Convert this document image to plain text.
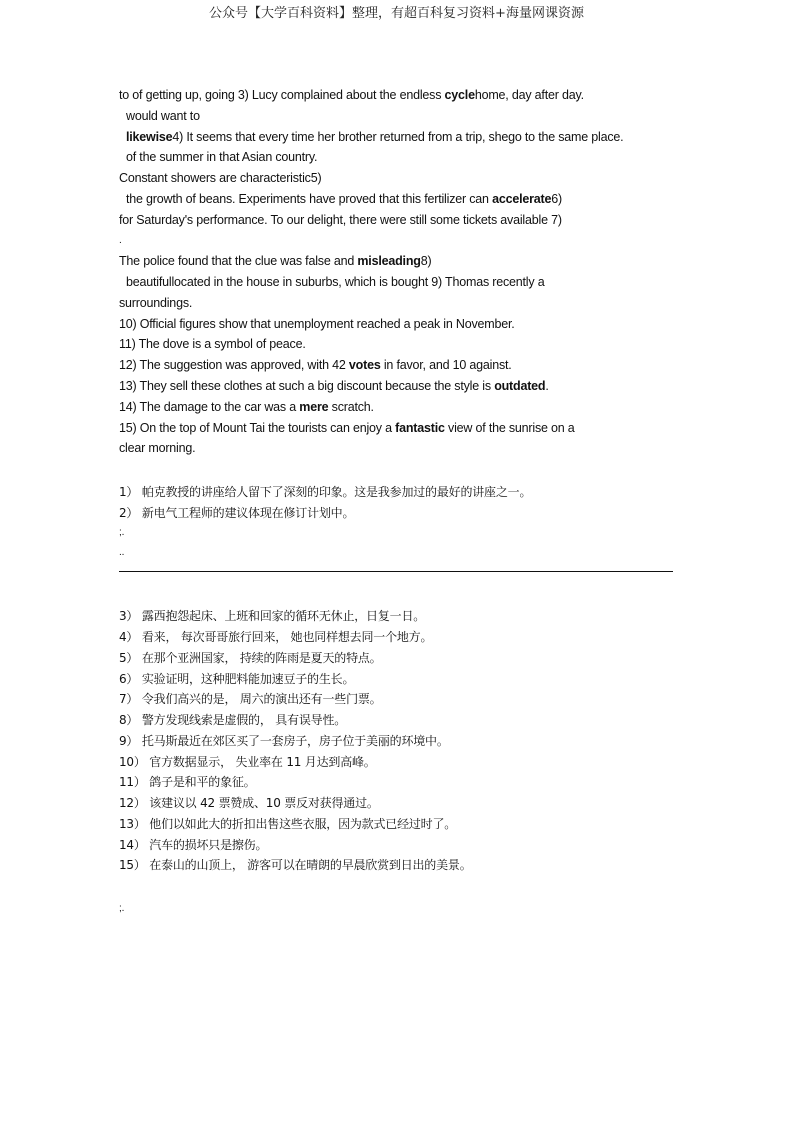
公众号【大学百科资料】整理，有超百科复习资料+海量网课资源
to of getting up, going 3) Lucy complained about the endless cyclehome, day after day.
would want to
likewise4) It seems that every time her brother returned from a trip, shego to the same place.
of the summer in that Asian country.
Constant showers are characteristic5)
the growth of beans. Experiments have proved that this fertilizer can accelerate6)
for Saturday's performance. To our delight, there were still some tickets available 7)
.
The police found that the clue was false and misleading8)
beautifullocated in the house in suburbs, which is bought 9) Thomas recently a
surroundings.
10) Official figures show that unemployment reached a peak in November.
11) The dove is a symbol of peace.
12) The suggestion was approved, with 42 votes in favor, and 10 against.
13) They sell these clothes at such a big discount because the style is outdated.
14) The damage to the car was a mere scratch.
15) On the top of Mount Tai the tourists can enjoy a fantastic view of the sunrise on a
clear morning.
1） 帕克教授的讲座给人留下了深刻的印象。这是我参加过的最好的讲座之一。
2） 新电气工程师的建议体现在修订计划中。
;.
..
3） 露西抱怨起床、上班和回家的循环无休止，日复一日。
4） 看来， 每次哥哥旅行回来， 她也同样想去同一个地方。
5） 在那个亚洲国家， 持续的阵雨是夏天的特点。
6） 实验证明，这种肥料能加速豆子的生长。
7） 令我们高兴的是， 周六的演出还有一些门票。
8） 警方发现线索是虚假的， 具有误导性。
9） 托马斯最近在郊区买了一套房子，房子位于美丽的环境中。
10） 官方数据显示， 失业率在 11 月达到高峰。
11） 鸽子是和平的象征。
12） 该建议以 42 票赞成、10 票反对获得通过。
13） 他们以如此大的折扣出售这些衣服，因为款式已经过时了。
14） 汽车的损坏只是擦伤。
15） 在泰山的山顶上， 游客可以在晴朗的早晨欣赏到日出的美景。
;.
